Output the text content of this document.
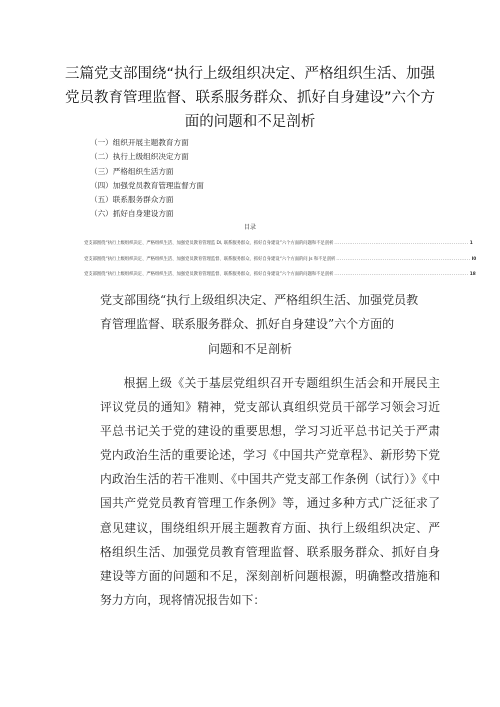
三篇党支部围绕“执行上级组织决定、严格组织生活、加强
党员教育管理监督、联系服务群众、抓好自身建设”六个方
面的问题和不足剖析
（一）组织开展主题教育方面
（二）执行上级组织决定方面
（三）严格组织生活方面
（四）加强党员教育管理监督方面
（五）联系服务群众方面
（六）抓好自身建设方面
目录
党支部围绕“执行上级组织决定、严格组织生活、加强党员教育管理监 Dl, 联系服务群众、抓好自身建设”六个方面的问题和不足剖析 ........................................................................ 1
党支部围绕“执行上级组织决定、严格组织生活、加强党员教育管理监督、联系服务群众、抓好自身建设“六个方面的问 Js 和不足剖析 ........................................................................ I0
党支部围绕“执行上级组织决定、严格组织生活、加强党员教育管理监督、联系服务群众、抓好自身建设”六个方面的问题和不足剖析 ........................................................................ 18
党支部围绕“执行上级组织决定、严格组织生活、加强党员教育管理监督、联系服务群众、抓好自身建设”六个方面的
问题和不足剖析

根据上级《关于基层党组织召开专题组织生活会和开展民主评议党员的通知》精神，党支部认真组织党员干部学习领会习近平总书记关于党的建设的重要思想，学习习近平总书记关于严肃党内政治生活的重要论述，学习《中国共产党章程》、新形势下党内政治生活的若干准则、《中国共产党支部工作条例（试行）》《中国共产党党员教育管理工作条例》等，通过多种方式广泛征求了意见建议，围绕组织开展主题教育方面、执行上级组织决定、严格组织生活、加强党员教育管理监督、联系服务群众、抓好自身建设等方面的问题和不足，深刻剖析问题根源，明确整改措施和努力方向，现将情况报告如下：
